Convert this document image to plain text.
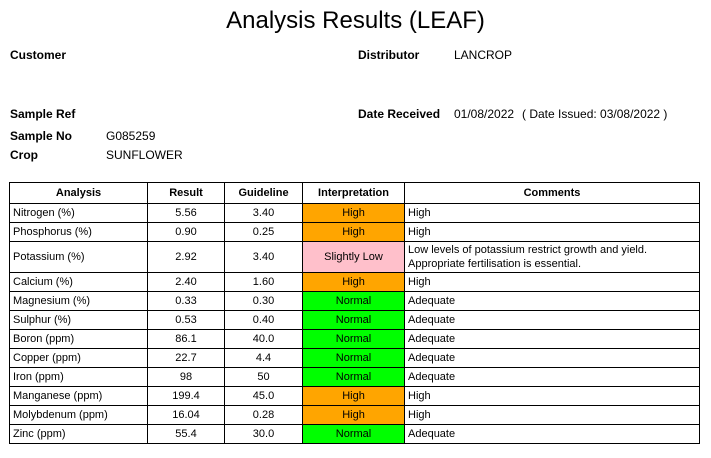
Analysis Results (LEAF)
Customer	Distributor	LANCROP
Sample Ref	Date Received 01/08/2022 ( Date Issued: 03/08/2022 )
Sample No	G085259
Crop	SUNFLOWER
Analysis	Result	Guideline	Interpretation	Comments
Nitrogen (%)	5.56	3.40	High	High
Phosphorus (%)	0.90	0.25	High	High
Potassium (%)	2.92	3.40	Slightly Low	Low levels of potassium restrict growth and yield.
Appropriate fertilisation is essential.
Calcium (%)	2.40	1.60	High	High
Magnesium (%)	0.33	0.30	Normal	Adequate
Sulphur (%)	0.53	0.40	Normal	Adequate
Boron (ppm)	86.1	40.0	Normal	Adequate
Copper (ppm)	22.7	4.4	Normal	Adequate
Iron (ppm)	98	50	Normal	Adequate
Manganese (ppm)	199.4	45.0	High	High
Molybdenum (ppm)	16.04	0.28	High	High
Zinc (ppm)	55.4	30.0	Normal	Adequate
